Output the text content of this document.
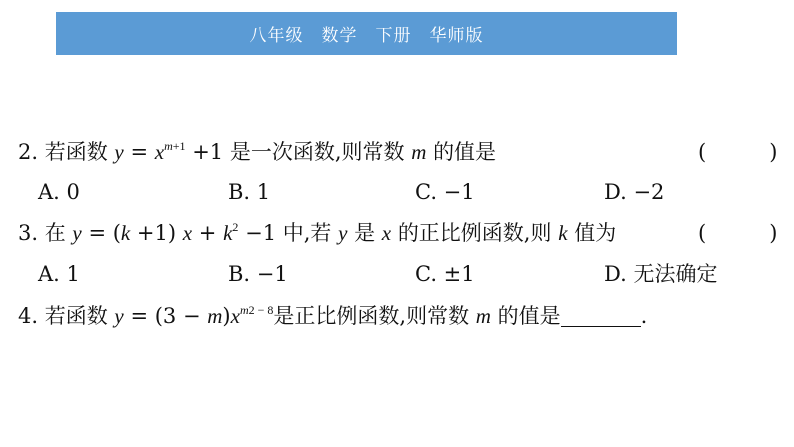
八年级　数学　下册　华师版
2. 若函数 $y = x^{m+1} +1$ 是一次函数,则常数 m 的值是	(　　　)
A. 0	B. 1	C. −1	D. −2
3. 在 y = (k +1) $x + k^2 -1$ 中,若 y 是 x 的正比例函数,则 k 值为	(　　　)
A. 1	B. −1	C. ±1	D. 无法确定
4. 若函数 $y = (3 - m)x^{m2 - 8}$是正比例函数,则常数 m 的值是	.
